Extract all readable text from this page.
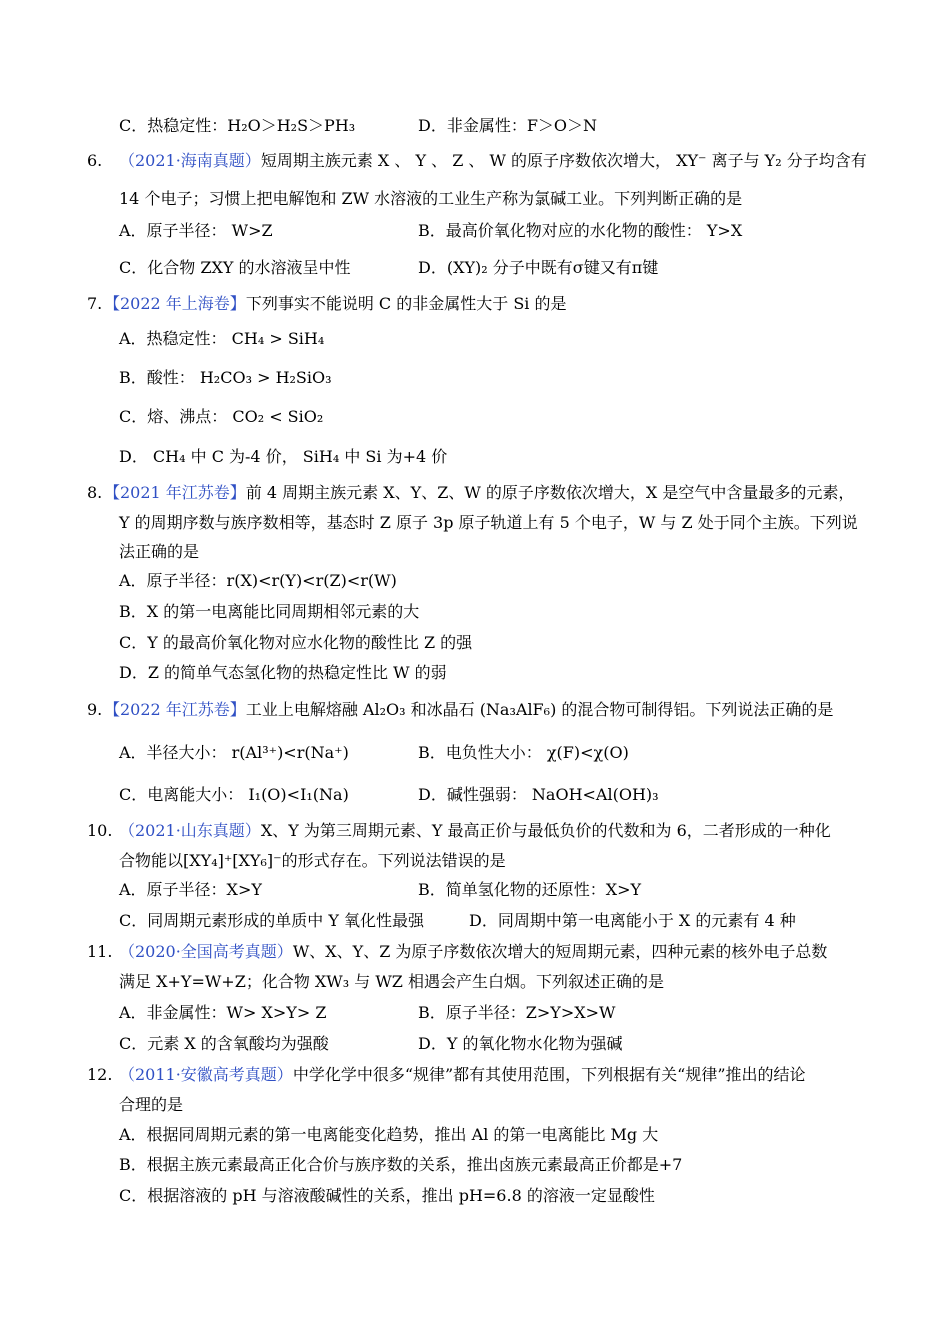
C．热稳定性：H₂O＞H₂S＞PH₃	D．非金属性：F＞O＞N
6. （2021·海南真题）短周期主族元素 X 、 Y 、 Z 、 W 的原子序数依次增大， XY⁻ 离子与 Y₂ 分子均含有
14 个电子；习惯上把电解饱和 ZW 水溶液的工业生产称为氯碱工业。下列判断正确的是
A．原子半径： W>Z	B．最高价氧化物对应的水化物的酸性： Y>X
C．化合物 ZXY 的水溶液呈中性	D．(XY)₂ 分子中既有σ键又有π键
7. 【2022 年上海卷】下列事实不能说明 C 的非金属性大于 Si 的是
A．热稳定性： CH₄ > SiH₄
B．酸性： H₂CO₃ > H₂SiO₃
C．熔、沸点： CO₂ < SiO₂
D． CH₄ 中 C 为-4 价， SiH₄ 中 Si 为+4 价
8. 【2021 年江苏卷】前 4 周期主族元素 X、Y、Z、W 的原子序数依次增大，X 是空气中含量最多的元素，
Y 的周期序数与族序数相等，基态时 Z 原子 3p 原子轨道上有 5 个电子，W 与 Z 处于同个主族。下列说
法正确的是
A．原子半径：r(X)<r(Y)<r(Z)<r(W)
B．X 的第一电离能比同周期相邻元素的大
C．Y 的最高价氧化物对应水化物的酸性比 Z 的强
D．Z 的简单气态氢化物的热稳定性比 W 的弱
9. 【2022 年江苏卷】工业上电解熔融 Al₂O₃ 和冰晶石 (Na₃AlF₆) 的混合物可制得铝。下列说法正确的是
A．半径大小： r(Al³⁺)<r(Na⁺)	B．电负性大小： χ(F)<χ(O)
C．电离能大小： I₁(O)<I₁(Na)	D．碱性强弱： NaOH<Al(OH)₃
10. （2021·山东真题）X、Y 为第三周期元素、Y 最高正价与最低负价的代数和为 6，二者形成的一种化
合物能以[XY₄]⁺[XY₆]⁻的形式存在。下列说法错误的是
A．原子半径：X>Y	B．简单氢化物的还原性：X>Y
C．同周期元素形成的单质中 Y 氧化性最强	D．同周期中第一电离能小于 X 的元素有 4 种
11. （2020·全国高考真题）W、X、Y、Z 为原子序数依次增大的短周期元素，四种元素的核外电子总数
满足 X+Y=W+Z；化合物 XW₃ 与 WZ 相遇会产生白烟。下列叙述正确的是
A．非金属性：W> X>Y> Z	B．原子半径：Z>Y>X>W
C．元素 X 的含氧酸均为强酸	D．Y 的氧化物水化物为强碱
12. （2011·安徽高考真题）中学化学中很多“规律”都有其使用范围，下列根据有关“规律”推出的结论
合理的是
A．根据同周期元素的第一电离能变化趋势，推出 Al 的第一电离能比 Mg 大
B．根据主族元素最高正化合价与族序数的关系，推出卤族元素最高正价都是+7
C．根据溶液的 pH 与溶液酸碱性的关系，推出 pH=6.8 的溶液一定显酸性
